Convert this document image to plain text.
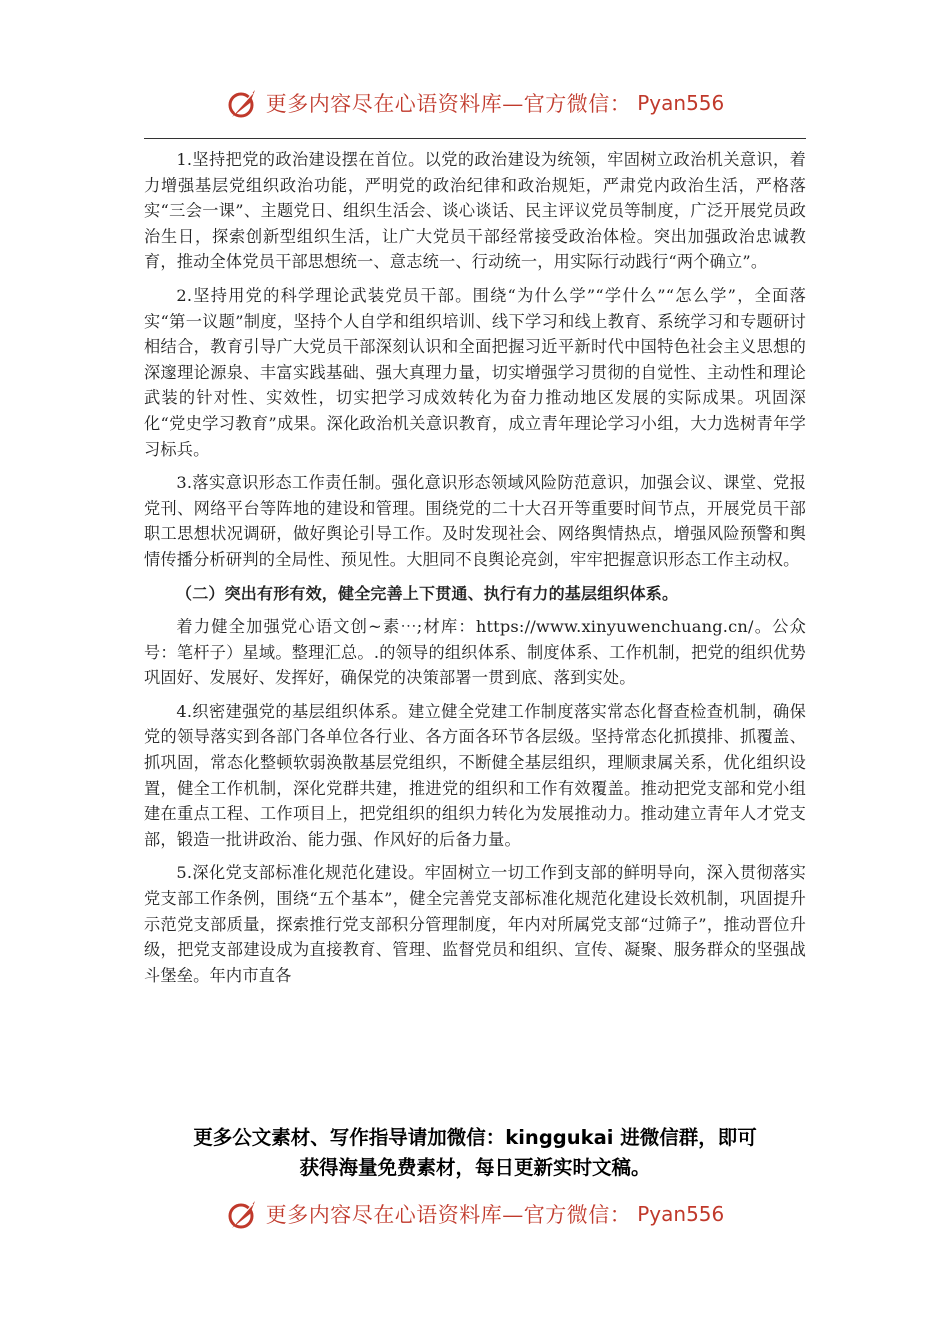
更多内容尽在心语资料库—官方微信： Pyan556

1.坚持把党的政治建设摆在首位。以党的政治建设为统领，牢固树立政治机关意识，着力增强基层党组织政治功能，严明党的政治纪律和政治规矩，严肃党内政治生活，严格落实“三会一课”、主题党日、组织生活会、谈心谈话、民主评议党员等制度，广泛开展党员政治生日，探索创新型组织生活，让广大党员干部经常接受政治体检。突出加强政治忠诚教育，推动全体党员干部思想统一、意志统一、行动统一，用实际行动践行“两个确立”。

2.坚持用党的科学理论武装党员干部。围绕“为什么学”“学什么”“怎么学”，全面落实“第一议题”制度，坚持个人自学和组织培训、线下学习和线上教育、系统学习和专题研讨相结合，教育引导广大党员干部深刻认识和全面把握习近平新时代中国特色社会主义思想的深邃理论源泉、丰富实践基础、强大真理力量，切实增强学习贯彻的自觉性、主动性和理论武装的针对性、实效性，切实把学习成效转化为奋力推动地区发展的实际成果。巩固深化“党史学习教育”成果。深化政治机关意识教育，成立青年理论学习小组，大力选树青年学习标兵。

3.落实意识形态工作责任制。强化意识形态领域风险防范意识，加强会议、课堂、党报党刊、网络平台等阵地的建设和管理。围绕党的二十大召开等重要时间节点，开展党员干部职工思想状况调研，做好舆论引导工作。及时发现社会、网络舆情热点，增强风险预警和舆情传播分析研判的全局性、预见性。大胆同不良舆论亮剑，牢牢把握意识形态工作主动权。

（二）突出有形有效，健全完善上下贯通、执行有力的基层组织体系。

着力健全加强党心语文创~素⋯;材库：https://www.xinyuwenchuang.cn/。公众号：笔杆子）星域。整理汇总。.的领导的组织体系、制度体系、工作机制，把党的组织优势巩固好、发展好、发挥好，确保党的决策部署一贯到底、落到实处。

4.织密建强党的基层组织体系。建立健全党建工作制度落实常态化督查检查机制，确保党的领导落实到各部门各单位各行业、各方面各环节各层级。坚持常态化抓摸排、抓覆盖、抓巩固，常态化整顿软弱涣散基层党组织，不断健全基层组织，理顺隶属关系，优化组织设置，健全工作机制，深化党群共建，推进党的组织和工作有效覆盖。推动把党支部和党小组建在重点工程、工作项目上，把党组织的组织力转化为发展推动力。推动建立青年人才党支部，锻造一批讲政治、能力强、作风好的后备力量。

5.深化党支部标准化规范化建设。牢固树立一切工作到支部的鲜明导向，深入贯彻落实党支部工作条例，围绕“五个基本”，健全完善党支部标准化规范化建设长效机制，巩固提升示范党支部质量，探索推行党支部积分管理制度，年内对所属党支部“过筛子”，推动晋位升级，把党支部建设成为直接教育、管理、监督党员和组织、宣传、凝聚、服务群众的坚强战斗堡垒。年内市直各

更多公文素材、写作指导请加微信：kinggukai 进微信群，即可
获得海量免费素材，每日更新实时文稿。
更多内容尽在心语资料库—官方微信： Pyan556
